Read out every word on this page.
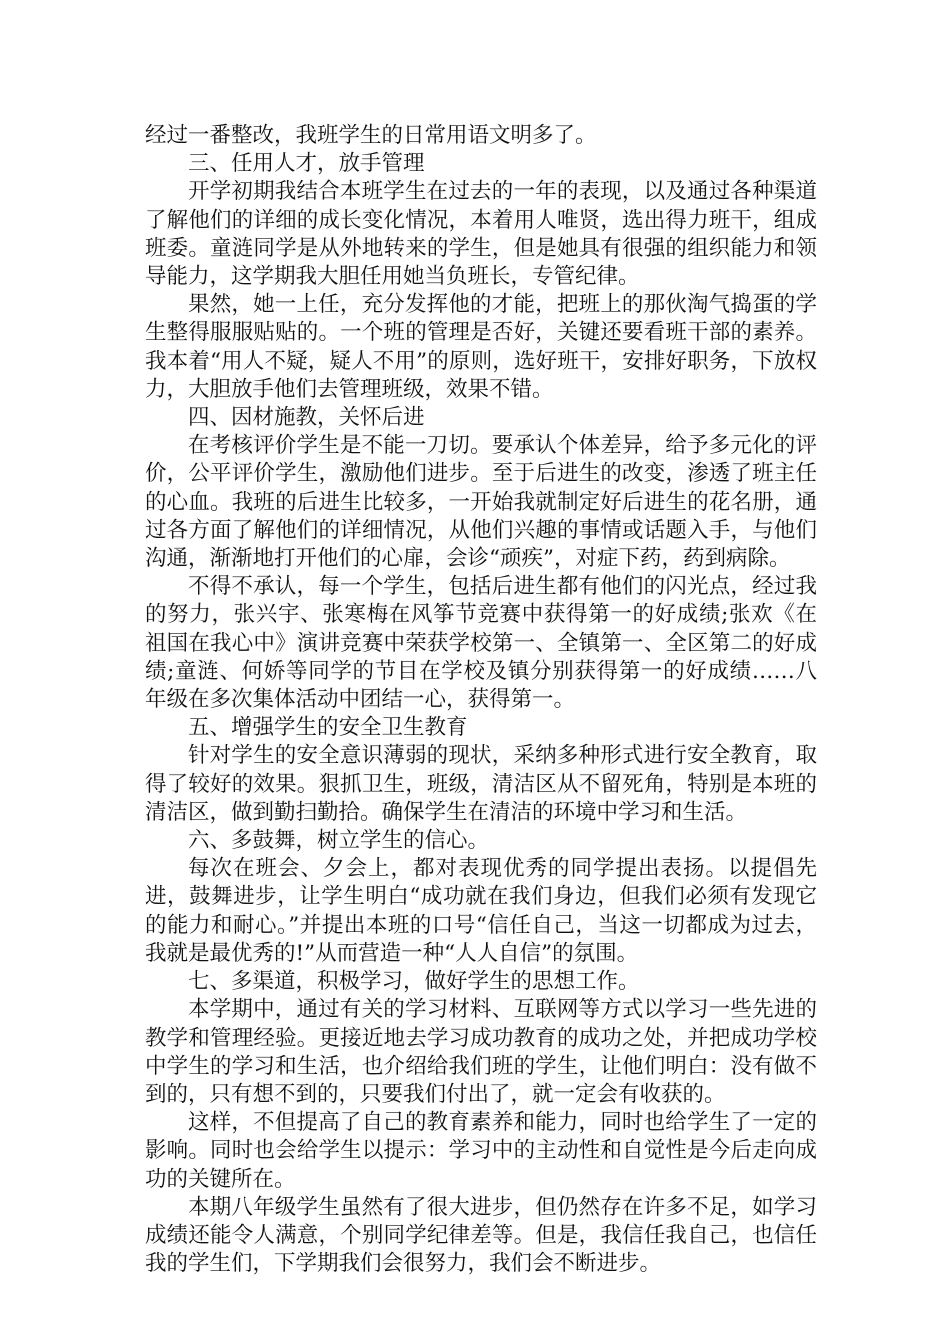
经过一番整改，我班学生的日常用语文明多了。

三、任用人才，放手管理

开学初期我结合本班学生在过去的一年的表现，以及通过各种渠道了解他们的详细的成长变化情况，本着用人唯贤，选出得力班干，组成班委。童涟同学是从外地转来的学生，但是她具有很强的组织能力和领导能力，这学期我大胆任用她当负班长，专管纪律。

果然，她一上任，充分发挥他的才能，把班上的那伙淘气捣蛋的学生整得服服贴贴的。一个班的管理是否好，关键还要看班干部的素养。我本着“用人不疑，疑人不用”的原则，选好班干，安排好职务，下放权力，大胆放手他们去管理班级，效果不错。

四、因材施教，关怀后进

在考核评价学生是不能一刀切。要承认个体差异，给予多元化的评价，公平评价学生，激励他们进步。至于后进生的改变，渗透了班主任的心血。我班的后进生比较多，一开始我就制定好后进生的花名册，通过各方面了解他们的详细情况，从他们兴趣的事情或话题入手，与他们沟通，渐渐地打开他们的心扉，会诊“顽疾”，对症下药，药到病除。

不得不承认，每一个学生，包括后进生都有他们的闪光点，经过我的努力，张兴宇、张寒梅在风筝节竞赛中获得第一的好成绩;张欢《在祖国在我心中》演讲竞赛中荣获学校第一、全镇第一、全区第二的好成绩;童涟、何娇等同学的节目在学校及镇分别获得第一的好成绩……八年级在多次集体活动中团结一心，获得第一。

五、增强学生的安全卫生教育

针对学生的安全意识薄弱的现状，采纳多种形式进行安全教育，取得了较好的效果。狠抓卫生，班级，清洁区从不留死角，特别是本班的清洁区，做到勤扫勤拾。确保学生在清洁的环境中学习和生活。

六、多鼓舞，树立学生的信心。

每次在班会、夕会上，都对表现优秀的同学提出表扬。以提倡先进，鼓舞进步，让学生明白“成功就在我们身边，但我们必须有发现它的能力和耐心。”并提出本班的口号“信任自己，当这一切都成为过去，我就是最优秀的!”从而营造一种“人人自信”的氛围。

七、多渠道，积极学习，做好学生的思想工作。

本学期中，通过有关的学习材料、互联网等方式以学习一些先进的教学和管理经验。更接近地去学习成功教育的成功之处，并把成功学校中学生的学习和生活，也介绍给我们班的学生，让他们明白：没有做不到的，只有想不到的，只要我们付出了，就一定会有收获的。

这样，不但提高了自己的教育素养和能力，同时也给学生了一定的影响。同时也会给学生以提示：学习中的主动性和自觉性是今后走向成功的关键所在。

本期八年级学生虽然有了很大进步，但仍然存在许多不足，如学习成绩还能令人满意，个别同学纪律差等。但是，我信任我自己，也信任我的学生们，下学期我们会很努力，我们会不断进步。
